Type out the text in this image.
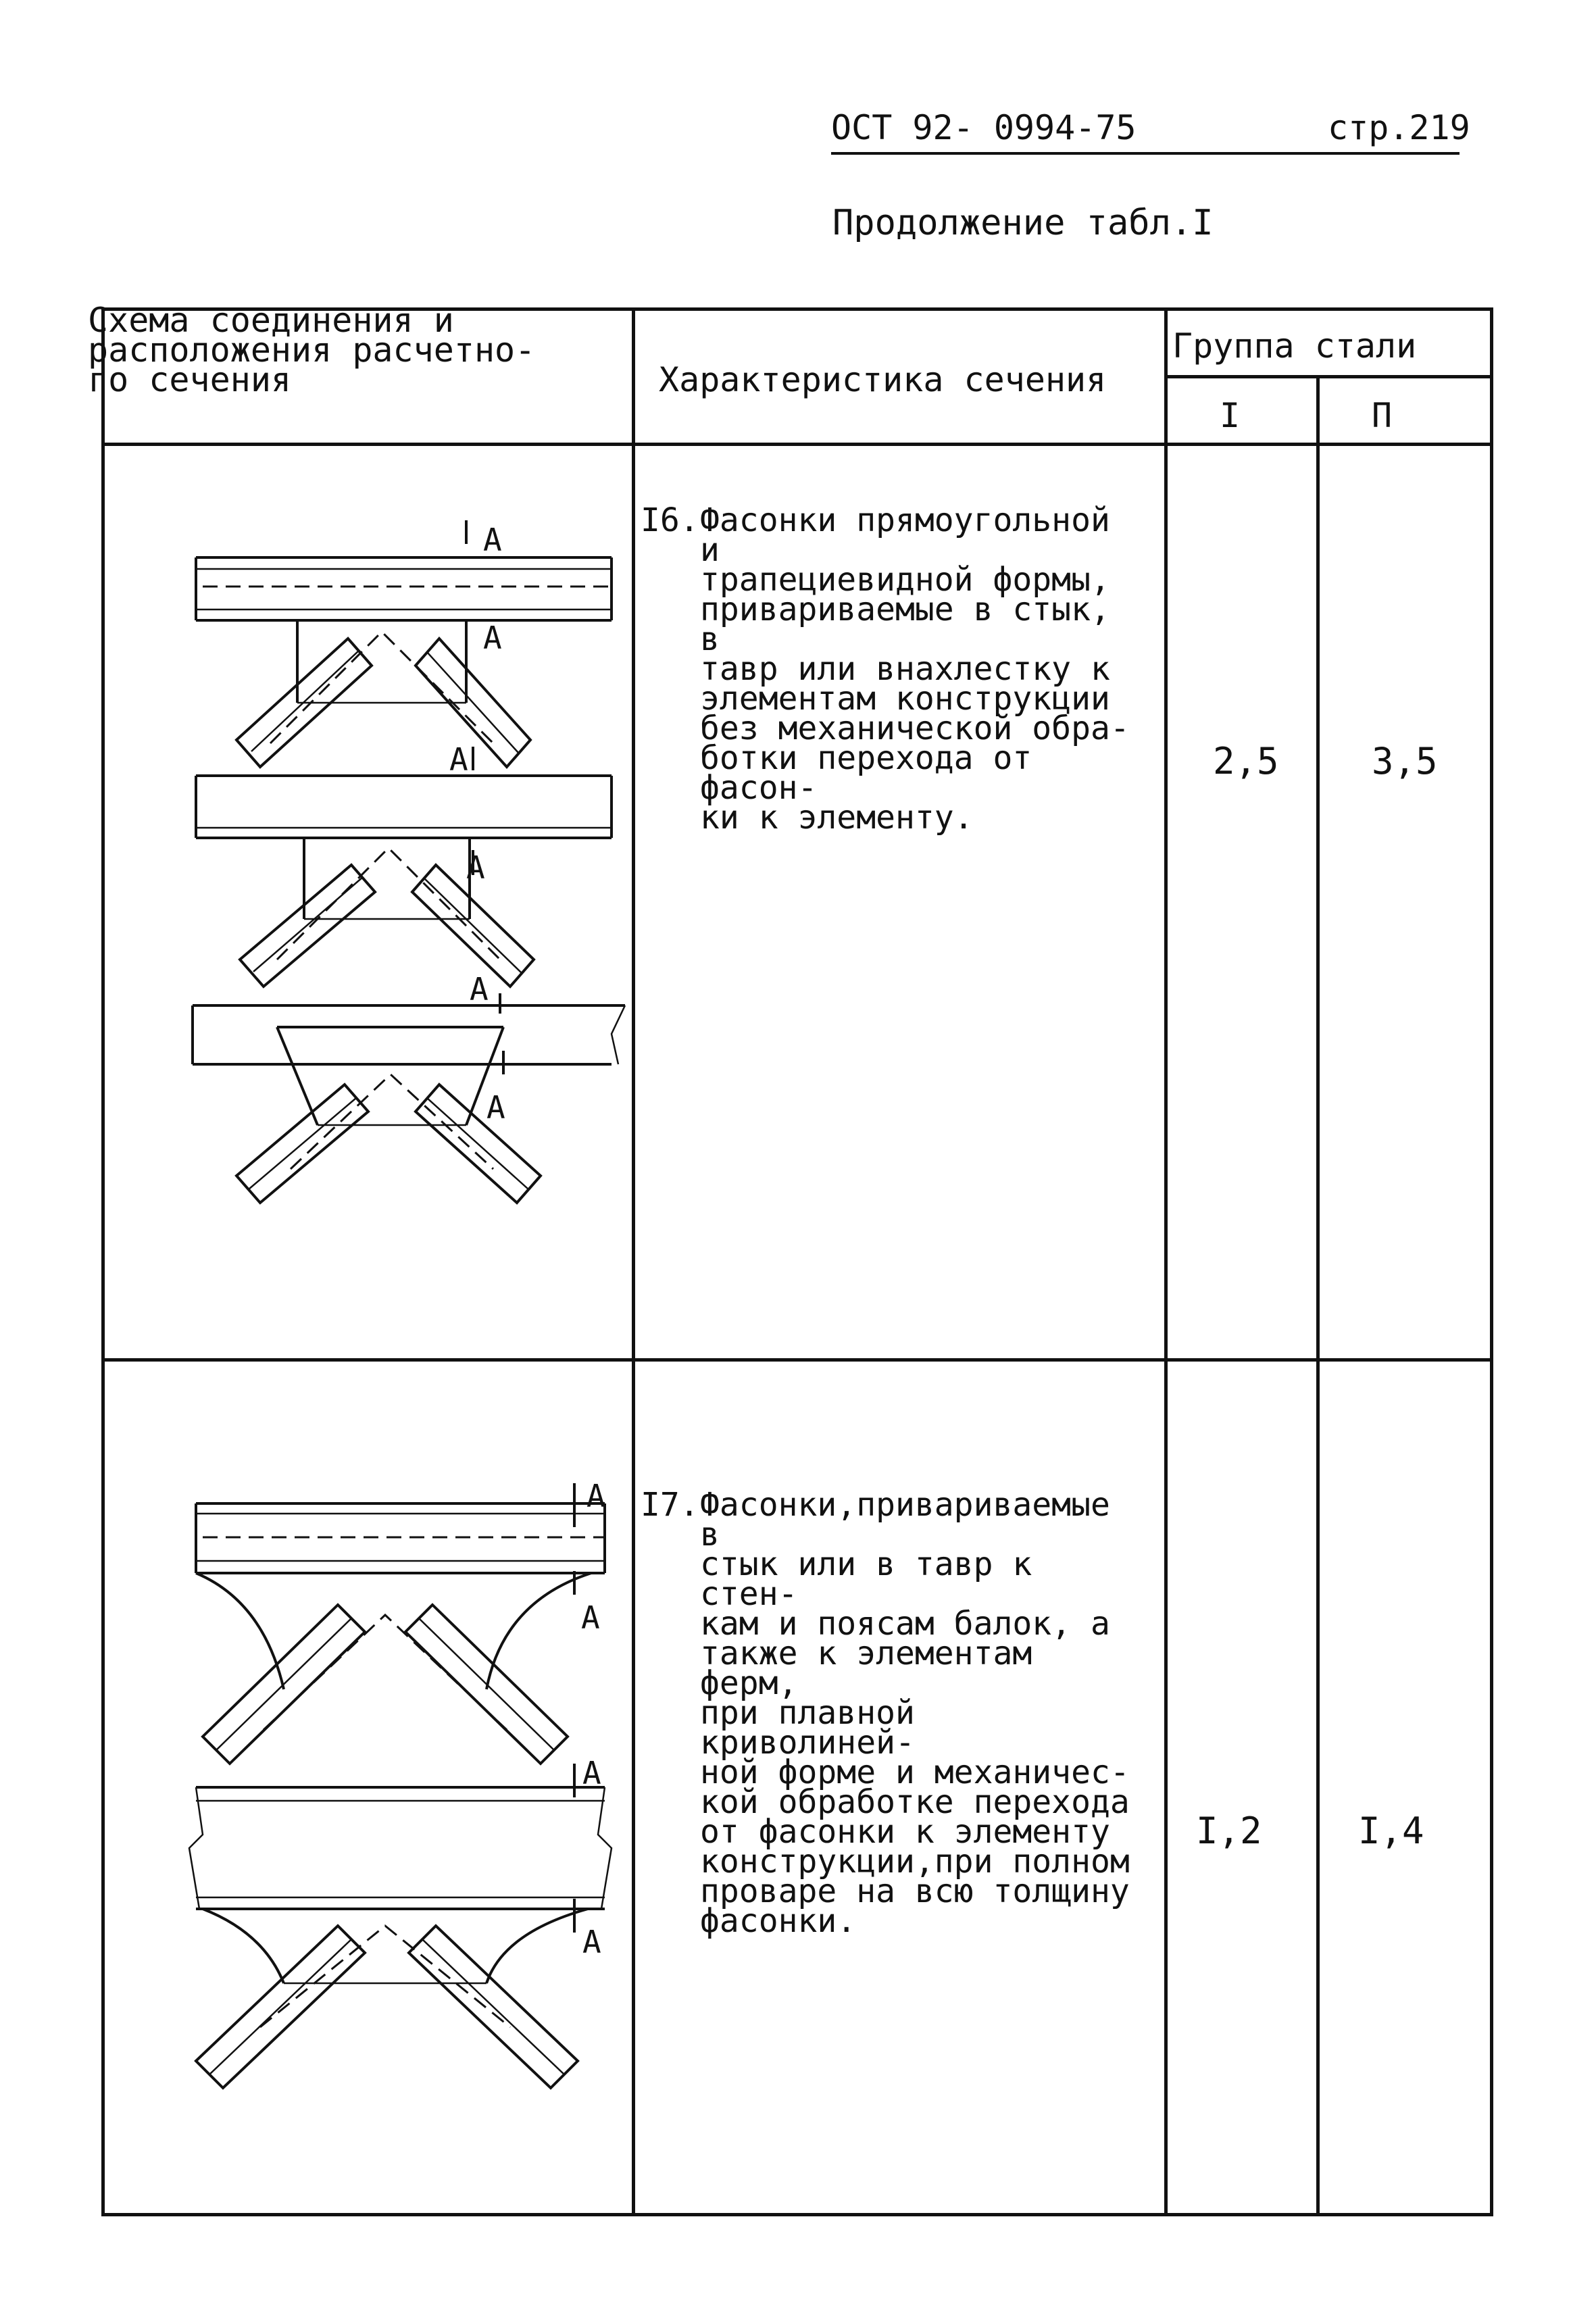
ОСТ 92- 0994-75	стр.219
Продолжение табл.I
Схема соединения и
расположения расчетно-
го сечения	Характеристика сечения
Группа стали
I	П
I6. Фасонки прямоугольной и
трапециевидной формы,
привариваемые в стык, в
тавр или внахлестку к
элементам конструкции
без механической обра-
ботки перехода от фасон-
ки к элементу.
2,5	3,5
I7. Фасонки,привариваемые в
стык или в тавр к стен-
кам и поясам балок, а
также к элементам ферм,
при плавной криволиней-
ной форме и механичес-
кой обработке перехода
от фасонки к элементу
конструкции,при полном
проваре на всю толщину
фасонки.
I,2	I,4
A
A
A
A
A
A
A
A
A
A
